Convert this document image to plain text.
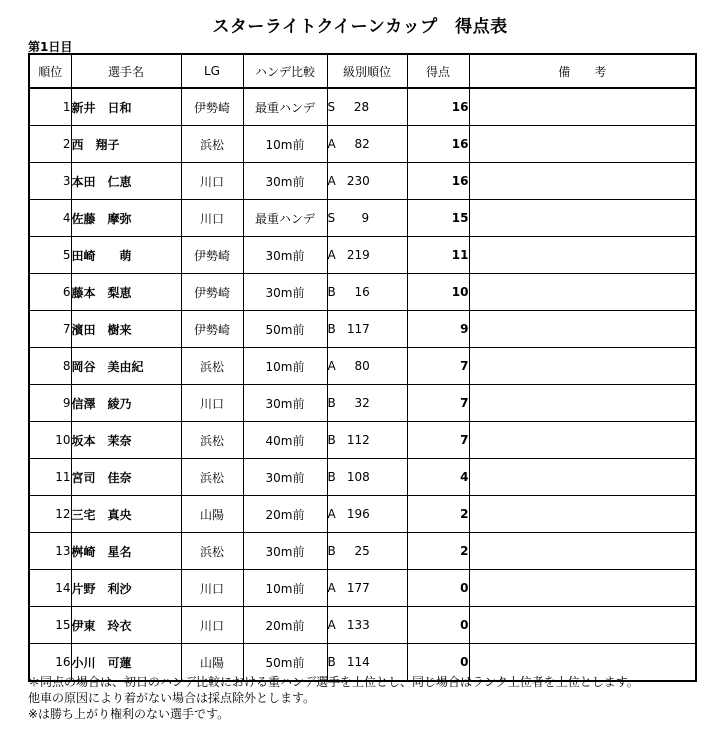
スターライトクイーンカップ　得点表
第1日目
順位	選手名	LG	ハンデ比較	級別順位	得点	備　　考
1	新井　日和	伊勢崎	最重ハンデ	S 28	16	
2	西　翔子	浜松	10m前	A 82	16	
3	本田　仁恵	川口	30m前	A 230	16	
4	佐藤　摩弥	川口	最重ハンデ	S 9	15	
5	田崎　　萌	伊勢崎	30m前	A 219	11	
6	藤本　梨恵	伊勢崎	30m前	B 16	10	
7	濱田　樹来	伊勢崎	50m前	B 117	9	
8	岡谷　美由紀	浜松	10m前	A 80	7	
9	信澤　綾乃	川口	30m前	B 32	7	
10	坂本　茉奈	浜松	40m前	B 112	7	
11	宮司　佳奈	浜松	30m前	B 108	4	
12	三宅　真央	山陽	20m前	A 196	2	
13	桝崎　星名	浜松	30m前	B 25	2	
14	片野　利沙	川口	10m前	A 177	0	
15	伊東　玲衣	川口	20m前	A 133	0	
16	小川　可蓮	山陽	50m前	B 114	0	
＊同点の場合は、初日のハンデ比較における重ハンデ選手を上位とし、同じ場合はランク上位者を上位とします。
他車の原因により着がない場合は採点除外とします。
※は勝ち上がり権利のない選手です。
